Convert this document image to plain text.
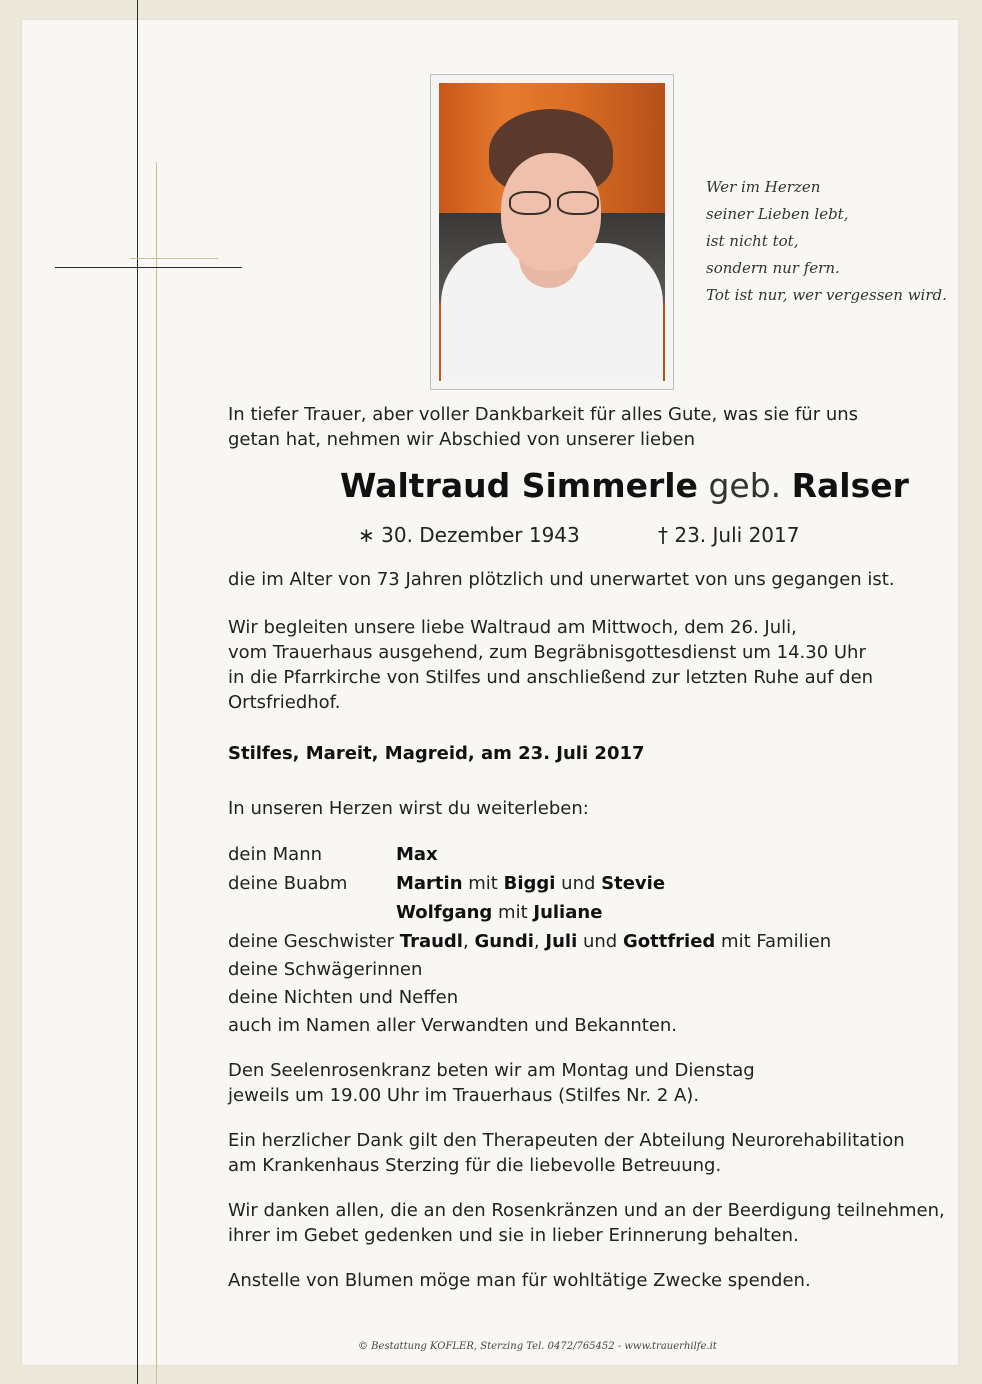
Wer im Herzen
seiner Lieben lebt,
ist nicht tot,
sondern nur fern.
Tot ist nur, wer vergessen wird.
In tiefer Trauer, aber voller Dankbarkeit für alles Gute, was sie für uns
getan hat, nehmen wir Abschied von unserer lieben
Waltraud Simmerle geb. Ralser
∗ 30. Dezember 1943	† 23. Juli 2017
die im Alter von 73 Jahren plötzlich und unerwartet von uns gegangen ist.
Wir begleiten unsere liebe Waltraud am Mittwoch, dem 26. Juli,
vom Trauerhaus ausgehend, zum Begräbnisgottesdienst um 14.30 Uhr
in die Pfarrkirche von Stilfes und anschließend zur letzten Ruhe auf den
Ortsfriedhof.
Stilfes, Mareit, Magreid, am 23. Juli 2017
In unseren Herzen wirst du weiterleben:
dein Mann	Max
deine Buabm	Martin mit Biggi und Stevie
Wolfgang mit Juliane
deine Geschwister Traudl, Gundi, Juli und Gottfried mit Familien
deine Schwägerinnen
deine Nichten und Neffen
auch im Namen aller Verwandten und Bekannten.
Den Seelenrosenkranz beten wir am Montag und Dienstag
jeweils um 19.00 Uhr im Trauerhaus (Stilfes Nr. 2 A).
Ein herzlicher Dank gilt den Therapeuten der Abteilung Neurorehabilitation
am Krankenhaus Sterzing für die liebevolle Betreuung.
Wir danken allen, die an den Rosenkränzen und an der Beerdigung teilnehmen,
ihrer im Gebet gedenken und sie in lieber Erinnerung behalten.
Anstelle von Blumen möge man für wohltätige Zwecke spenden.
© Bestattung KOFLER, Sterzing Tel. 0472/765452 - www.trauerhilfe.it
